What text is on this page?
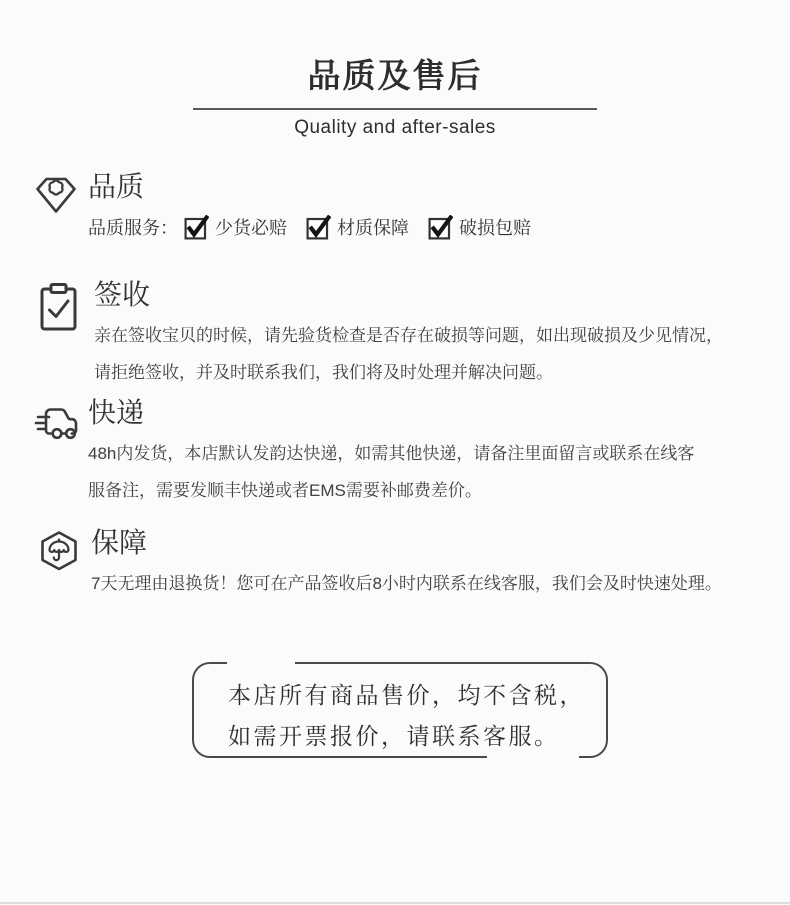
品质及售后
Quality and after-sales
品质
品质服务： 少货必赔	材质保障	破损包赔
签收
亲在签收宝贝的时候，请先验货检查是否存在破损等问题，如出现破损及少见情况，
请拒绝签收，并及时联系我们，我们将及时处理并解决问题。
快递
48h内发货，本店默认发韵达快递，如需其他快递，请备注里面留言或联系在线客
服备注，需要发顺丰快递或者EMS需要补邮费差价。
保障
7天无理由退换货！您可在产品签收后8小时内联系在线客服，我们会及时快速处理。
本店所有商品售价，均不含税，
如需开票报价，请联系客服。
